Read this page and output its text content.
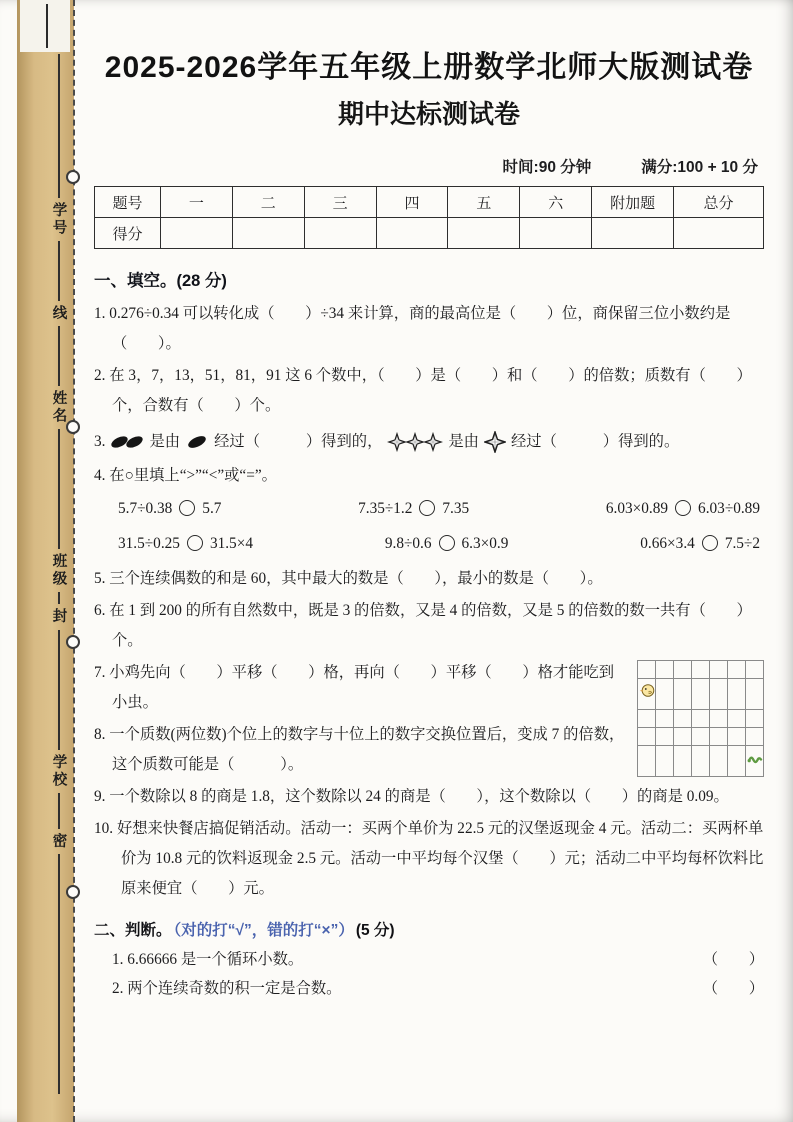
学号
线
姓名
班级
封
学校
密
2025-2026学年五年级上册数学北师大版测试卷
期中达标测试卷
时间:90 分钟	满分:100 + 10 分
题号	一	二	三	四	五	六	附加题	总分
得分								
一、填空。(28 分)
1. 0.276÷0.34 可以转化成（　　）÷34 来计算，商的最高位是（　　）位，商保留三位小数约是（　　）。
2. 在 3，7，13，51，81，91 这 6 个数中，（　　）是（　　）和（　　）的倍数；质数有（　　）个，合数有（　　）个。
3.	是由 经过（　　　）得到的，	是由 经过（　　　）得到的。
4. 在○里填上“>”“<”或“=”。
5.7÷0.38 5.7	7.35÷1.2 7.35	6.03×0.89 6.03÷0.89
31.5÷0.25 31.5×4	9.8÷0.6 6.3×0.9	0.66×3.4 7.5÷2
5. 三个连续偶数的和是 60，其中最大的数是（　　），最小的数是（　　）。
6. 在 1 到 200 的所有自然数中，既是 3 的倍数，又是 4 的倍数，又是 5 的倍数的数一共有（　　）个。

7. 小鸡先向（　　）平移（　　）格，再向（　　）平移（　　）格才能吃到小虫。
8. 一个质数(两位数)个位上的数字与十位上的数字交换位置后，变成 7 的倍数，这个质数可能是（　　　）。
9. 一个数除以 8 的商是 1.8，这个数除以 24 的商是（　　），这个数除以（　　）的商是 0.09。
10. 好想来快餐店搞促销活动。活动一：买两个单价为 22.5 元的汉堡返现金 4 元。活动二：买两杯单价为 10.8 元的饮料返现金 2.5 元。活动一中平均每个汉堡（　　）元；活动二中平均每杯饮料比原来便宜（　　）元。
二、判断。 （对的打“√”，错的打“×”） (5 分)
1. 6.66666 是一个循环小数。	（　　）
2. 两个连续奇数的积一定是合数。	（　　）
